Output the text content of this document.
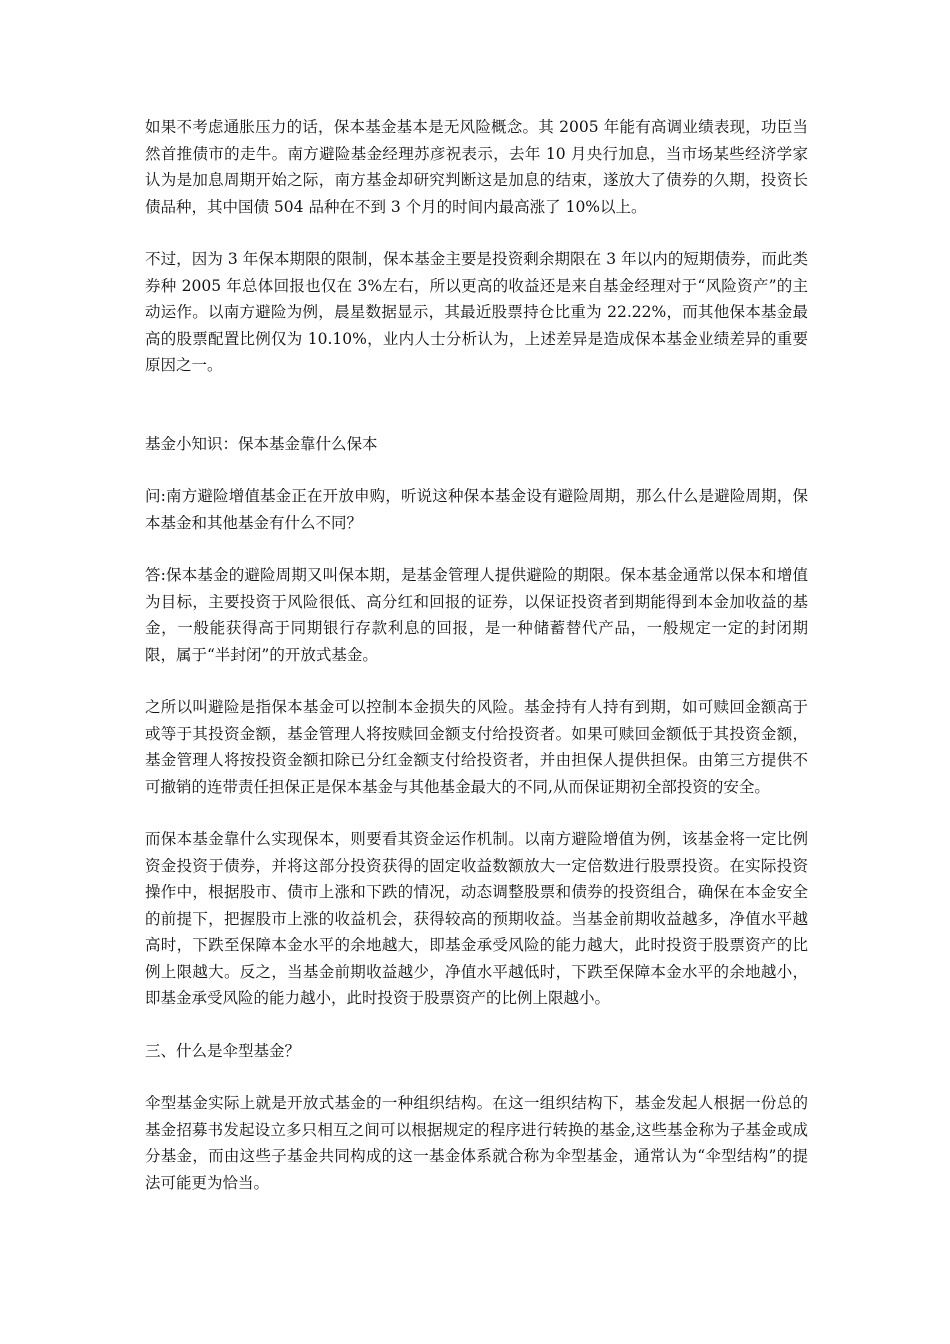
如果不考虑通胀压力的话，保本基金基本是无风险概念。其 2005 年能有高调业绩表现，功臣当然首推债市的走牛。南方避险基金经理苏彦祝表示，去年 10 月央行加息，当市场某些经济学家认为是加息周期开始之际，南方基金却研究判断这是加息的结束，遂放大了债券的久期，投资长债品种，其中国债 504 品种在不到 3 个月的时间内最高涨了 10%以上。

不过，因为 3 年保本期限的限制，保本基金主要是投资剩余期限在 3 年以内的短期债券，而此类券种 2005 年总体回报也仅在 3%左右，所以更高的收益还是来自基金经理对于“风险资产”的主动运作。以南方避险为例，晨星数据显示，其最近股票持仓比重为 22.22%，而其他保本基金最高的股票配置比例仅为 10.10%，业内人士分析认为，上述差异是造成保本基金业绩差异的重要原因之一。

基金小知识：保本基金靠什么保本

问:南方避险增值基金正在开放申购，听说这种保本基金设有避险周期，那么什么是避险周期，保本基金和其他基金有什么不同？

答:保本基金的避险周期又叫保本期，是基金管理人提供避险的期限。保本基金通常以保本和增值为目标，主要投资于风险很低、高分红和回报的证券，以保证投资者到期能得到本金加收益的基金，一般能获得高于同期银行存款利息的回报，是一种储蓄替代产品，一般规定一定的封闭期限，属于“半封闭”的开放式基金。

之所以叫避险是指保本基金可以控制本金损失的风险。基金持有人持有到期，如可赎回金额高于或等于其投资金额，基金管理人将按赎回金额支付给投资者。如果可赎回金额低于其投资金额，基金管理人将按投资金额扣除已分红金额支付给投资者，并由担保人提供担保。由第三方提供不可撤销的连带责任担保正是保本基金与其他基金最大的不同,从而保证期初全部投资的安全。

而保本基金靠什么实现保本，则要看其资金运作机制。以南方避险增值为例，该基金将一定比例资金投资于债券，并将这部分投资获得的固定收益数额放大一定倍数进行股票投资。在实际投资操作中，根据股市、债市上涨和下跌的情况，动态调整股票和债券的投资组合，确保在本金安全的前提下，把握股市上涨的收益机会，获得较高的预期收益。当基金前期收益越多，净值水平越高时，下跌至保障本金水平的余地越大，即基金承受风险的能力越大，此时投资于股票资产的比例上限越大。反之，当基金前期收益越少，净值水平越低时，下跌至保障本金水平的余地越小，即基金承受风险的能力越小，此时投资于股票资产的比例上限越小。

三、什么是伞型基金？

伞型基金实际上就是开放式基金的一种组织结构。在这一组织结构下，基金发起人根据一份总的基金招募书发起设立多只相互之间可以根据规定的程序进行转换的基金,这些基金称为子基金或成分基金，而由这些子基金共同构成的这一基金体系就合称为伞型基金，通常认为“伞型结构”的提法可能更为恰当。
